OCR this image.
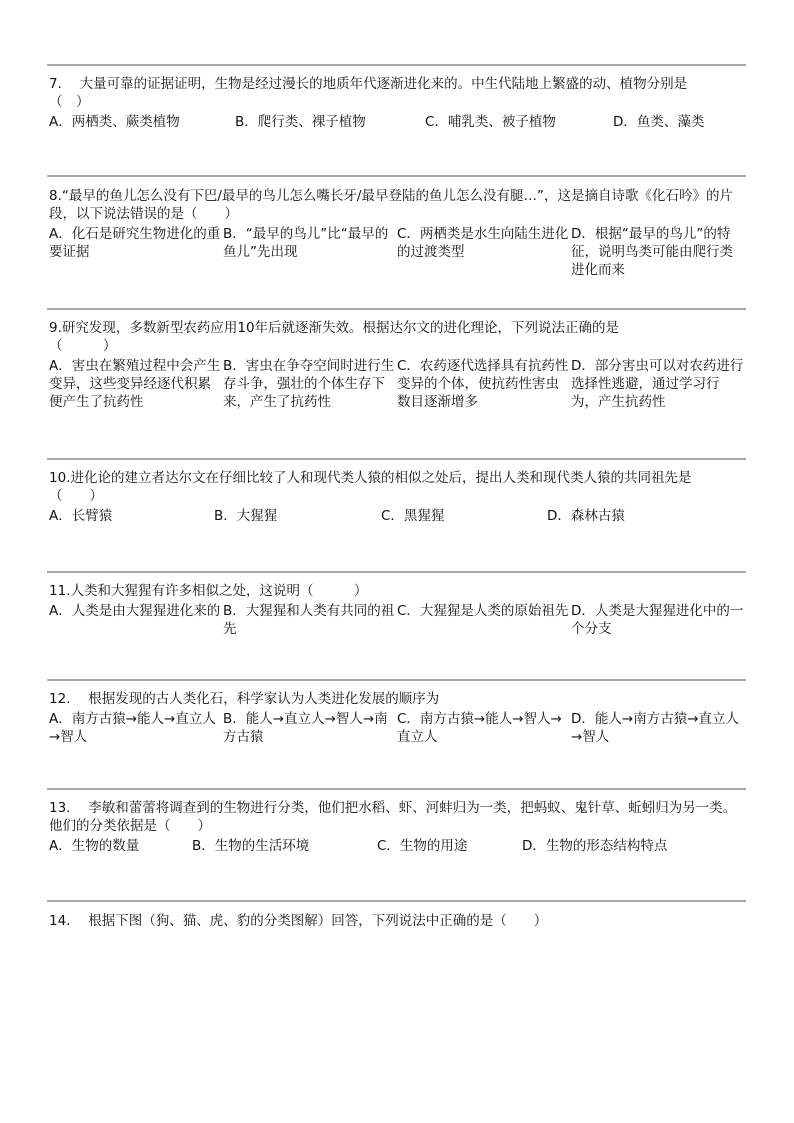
7.　 大量可靠的证据证明，生物是经过漫长的地质年代逐渐进化来的。中生代陆地上繁盛的动、植物分别是
（　）
A．两栖类、蕨类植物	B．爬行类、裸子植物	C．哺乳类、被子植物	D．鱼类、藻类
8.“最早的鱼儿怎么没有下巴/最早的鸟儿怎么嘴长牙/最早登陆的鱼儿怎么没有腿…”，这是摘自诗歌《化石吟》的片段，以下说法错误的是（　　）
A．化石是研究生物进化的重要证据
B．“最早的鸟儿”比“最早的鱼儿”先出现
C．两栖类是水生向陆生进化的过渡类型
D．根据“最早的鸟儿”的特征，说明鸟类可能由爬行类进化而来
9.研究发现，多数新型农药应用10年后就逐渐失效。根据达尔文的进化理论，下列说法正确的是
（　　　）
A．害虫在繁殖过程中会产生变异，这些变异经逐代积累便产生了抗药性
B．害虫在争夺空间时进行生存斗争，强壮的个体生存下来，产生了抗药性
C．农药逐代选择具有抗药性变异的个体，使抗药性害虫数目逐渐增多
D．部分害虫可以对农药进行选择性逃避，通过学习行为，产生抗药性
10.进化论的建立者达尔文在仔细比较了人和现代类人猿的相似之处后，提出人类和现代类人猿的共同祖先是
（　　）
A．长臂猿	B．大猩猩	C．黑猩猩	D．森林古猿
11.人类和大猩猩有许多相似之处，这说明（　　　）
A．人类是由大猩猩进化来的 B．大猩猩和人类有共同的祖先
C．大猩猩是人类的原始祖先 D．人类是大猩猩进化中的一个分支
12.　 根据发现的古人类化石，科学家认为人类进化发展的顺序为
A．南方古猿→能人→直立人→智人
B．能人→直立人→智人→南方古猿
C．南方古猿→能人→智人→直立人
D．能人→南方古猿→直立人→智人
13.　 李敏和蕾蕾将调查到的生物进行分类，他们把水稻、虾、河蚌归为一类，把蚂蚁、鬼针草、蚯蚓归为另一类。他们的分类依据是（　　）
A．生物的数量	B．生物的生活环境	C．生物的用途	D．生物的形态结构特点
14.　 根据下图（狗、猫、虎、豹的分类图解）回答，下列说法中正确的是（　　）
